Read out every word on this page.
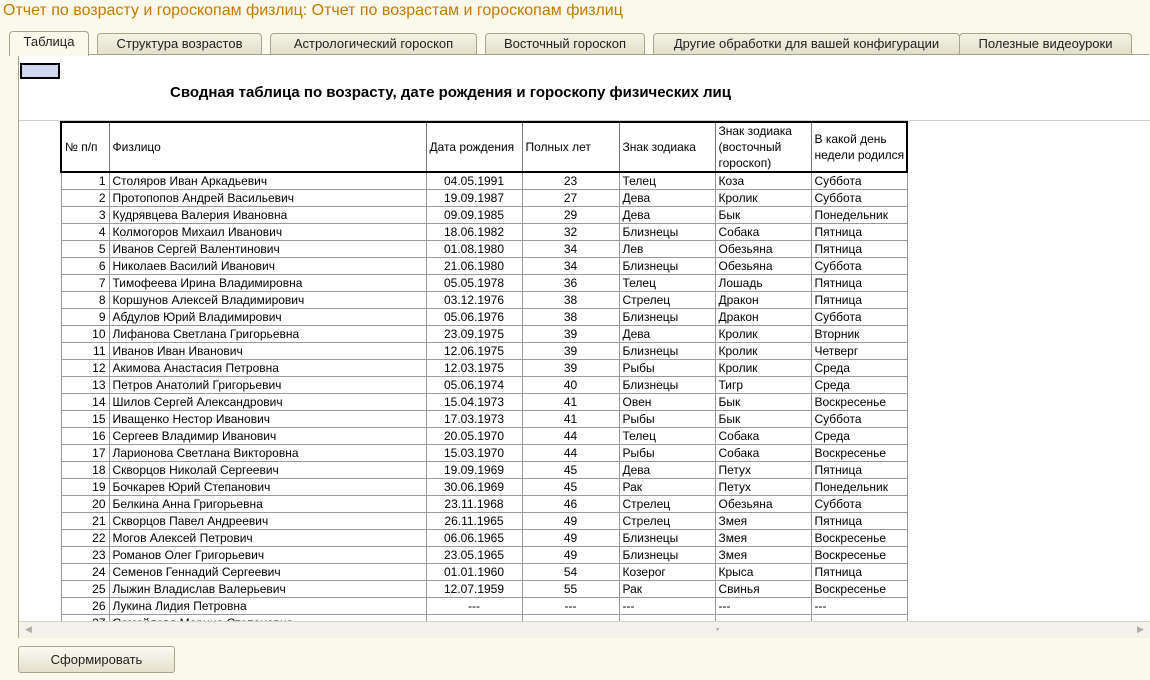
Отчет по возрасту и гороскопам физлиц: Отчет по возрастам и гороскопам физлиц
Таблица	Структура возрастов	Астрологический гороскоп	Восточный гороскоп	Другие обработки для вашей конфигурации	Полезные видеоуроки
Сводная таблица по возрасту, дате рождения и гороскопу физических лиц
№ п/п	Физлицо	Дата рождения	Полных лет	Знак зодиака	Знак зодиака (восточный гороскоп)	В какой день недели родился
1	Столяров Иван Аркадьевич	04.05.1991	23	Телец	Коза	Суббота
2	Протопопов Андрей Васильевич	19.09.1987	27	Дева	Кролик	Суббота
3	Кудрявцева Валерия Ивановна	09.09.1985	29	Дева	Бык	Понедельник
4	Колмогоров Михаил Иванович	18.06.1982	32	Близнецы	Собака	Пятница
5	Иванов Сергей Валентинович	01.08.1980	34	Лев	Обезьяна	Пятница
6	Николаев Василий Иванович	21.06.1980	34	Близнецы	Обезьяна	Суббота
7	Тимофеева Ирина Владимировна	05.05.1978	36	Телец	Лошадь	Пятница
8	Коршунов Алексей Владимирович	03.12.1976	38	Стрелец	Дракон	Пятница
9	Абдулов Юрий Владимирович	05.06.1976	38	Близнецы	Дракон	Суббота
10	Лифанова Светлана Григорьевна	23.09.1975	39	Дева	Кролик	Вторник
11	Иванов Иван Иванович	12.06.1975	39	Близнецы	Кролик	Четверг
12	Акимова Анастасия Петровна	12.03.1975	39	Рыбы	Кролик	Среда
13	Петров Анатолий Григорьевич	05.06.1974	40	Близнецы	Тигр	Среда
14	Шилов Сергей Александрович	15.04.1973	41	Овен	Бык	Воскресенье
15	Иващенко Нестор Иванович	17.03.1973	41	Рыбы	Бык	Суббота
16	Сергеев Владимир Иванович	20.05.1970	44	Телец	Собака	Среда
17	Ларионова Светлана Викторовна	15.03.1970	44	Рыбы	Собака	Воскресенье
18	Скворцов Николай Сергеевич	19.09.1969	45	Дева	Петух	Пятница
19	Бочкарев Юрий Степанович	30.06.1969	45	Рак	Петух	Понедельник
20	Белкина Анна Григорьевна	23.11.1968	46	Стрелец	Обезьяна	Суббота
21	Скворцов Павел Андреевич	26.11.1965	49	Стрелец	Змея	Пятница
22	Могов Алексей Петрович	06.06.1965	49	Близнецы	Змея	Воскресенье
23	Романов Олег Григорьевич	23.05.1965	49	Близнецы	Змея	Воскресенье
24	Семенов Геннадий Сергеевич	01.01.1960	54	Козерог	Крыса	Пятница
25	Лыжин Владислав Валерьевич	12.07.1959	55	Рак	Свинья	Воскресенье
26	Лукина Лидия Петровна	---	---	---	---	---

◀	▪	▶
Сформировать
